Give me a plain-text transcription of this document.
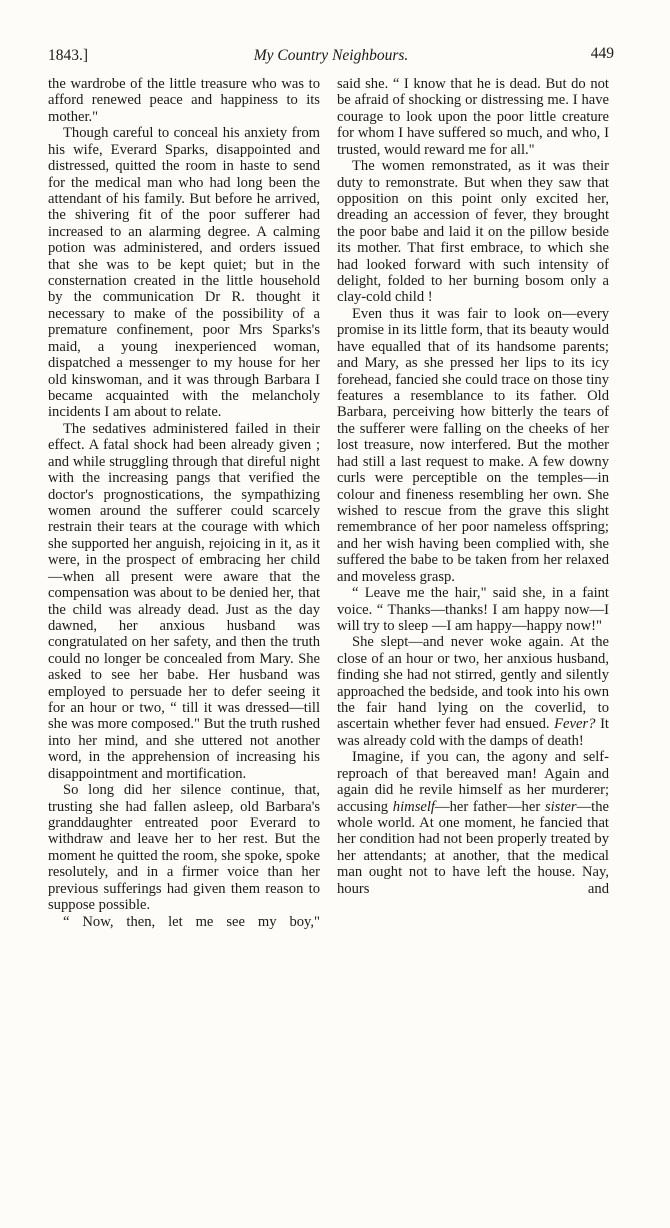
1843.]	My Country Neighbours.	449

the wardrobe of the little treasure who was to afford renewed peace and happiness to its mother."

Though careful to conceal his anxiety from his wife, Everard Sparks, disappointed and distressed, quitted the room in haste to send for the medical man who had long been the attendant of his family. But before he arrived, the shivering fit of the poor sufferer had increased to an alarming degree. A calming potion was administered, and orders issued that she was to be kept quiet; but in the consternation created in the little household by the communication Dr R. thought it necessary to make of the possibility of a premature confinement, poor Mrs Sparks's maid, a young inexperienced woman, dispatched a messenger to my house for her old kinswoman, and it was through Barbara I became acquainted with the melancholy incidents I am about to relate.

The sedatives administered failed in their effect. A fatal shock had been already given ; and while struggling through that direful night with the increasing pangs that verified the doctor's prognostications, the sympathizing women around the sufferer could scarcely restrain their tears at the courage with which she supported her anguish, rejoicing in it, as it were, in the prospect of embracing her child—when all present were aware that the compensation was about to be denied her, that the child was already dead. Just as the day dawned, her anxious husband was congratulated on her safety, and then the truth could no longer be concealed from Mary. She asked to see her babe. Her husband was employed to persuade her to defer seeing it for an hour or two, “ till it was dressed—till she was more composed." But the truth rushed into her mind, and she uttered not another word, in the apprehension of increasing his disappointment and mortification.

So long did her silence continue, that, trusting she had fallen asleep, old Barbara's granddaughter entreated poor Everard to withdraw and leave her to her rest. But the moment he quitted the room, she spoke, spoke resolutely, and in a firmer voice than her previous sufferings had given them reason to suppose possible.

“ Now, then, let me see my boy,"

said she. “ I know that he is dead. But do not be afraid of shocking or distressing me. I have courage to look upon the poor little creature for whom I have suffered so much, and who, I trusted, would reward me for all."

The women remonstrated, as it was their duty to remonstrate. But when they saw that opposition on this point only excited her, dreading an accession of fever, they brought the poor babe and laid it on the pillow beside its mother. That first embrace, to which she had looked forward with such intensity of delight, folded to her burning bosom only a clay-cold child !

Even thus it was fair to look on—every promise in its little form, that its beauty would have equalled that of its handsome parents; and Mary, as she pressed her lips to its icy forehead, fancied she could trace on those tiny features a resemblance to its father. Old Barbara, perceiving how bitterly the tears of the sufferer were falling on the cheeks of her lost treasure, now interfered. But the mother had still a last request to make. A few downy curls were perceptible on the temples—in colour and fineness resembling her own. She wished to rescue from the grave this slight remembrance of her poor nameless offspring; and her wish having been complied with, she suffered the babe to be taken from her relaxed and moveless grasp.

“ Leave me the hair," said she, in a faint voice. “ Thanks—thanks! I am happy now—I will try to sleep —I am happy—happy now!"

She slept—and never woke again. At the close of an hour or two, her anxious husband, finding she had not stirred, gently and silently approached the bedside, and took into his own the fair hand lying on the coverlid, to ascertain whether fever had ensued. Fever? It was already cold with the damps of death!

Imagine, if you can, the agony and self-reproach of that bereaved man! Again and again did he revile himself as her murderer; accusing himself—her father—her sister—the whole world. At one moment, he fancied that her condition had not been properly treated by her attendants; at another, that the medical man ought not to have left the house. Nay, hours and
